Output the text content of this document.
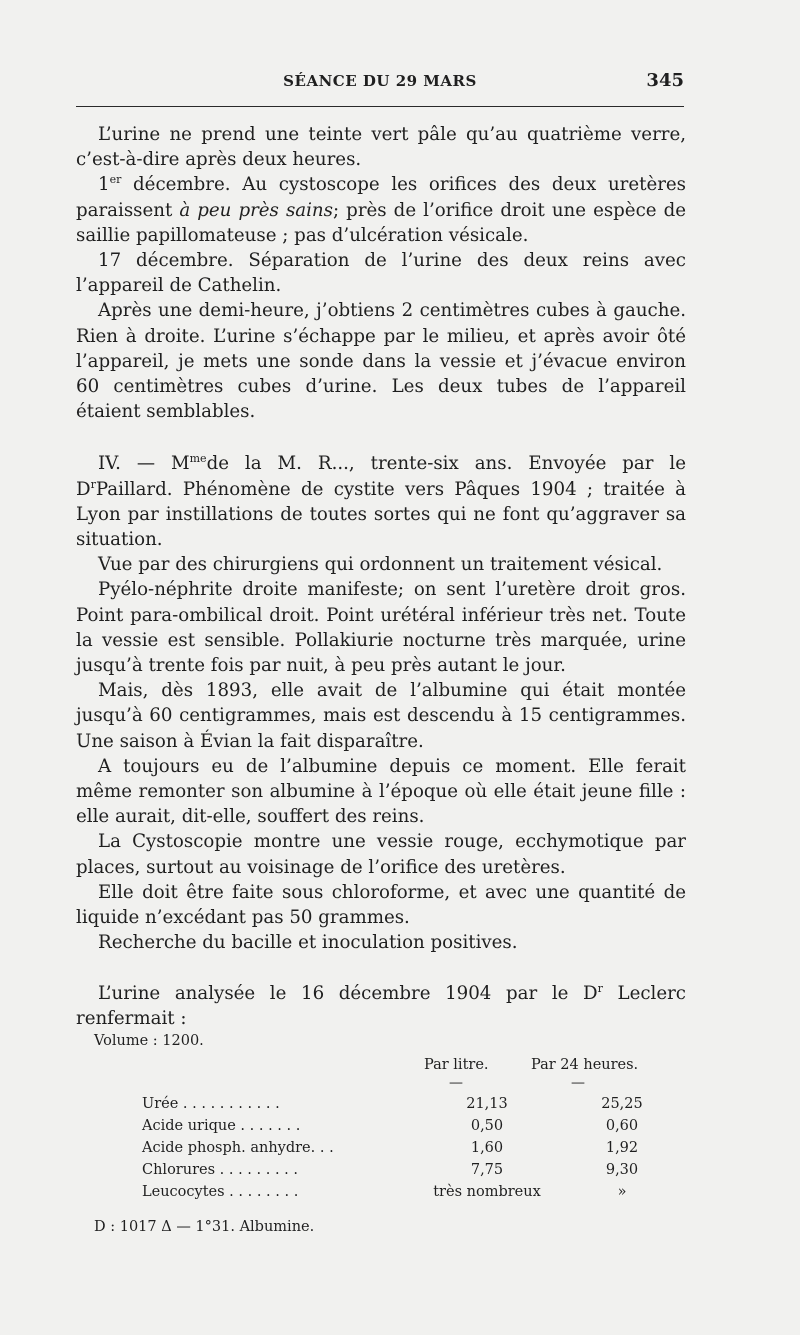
SÉANCE DU 29 MARS	345

L’urine ne prend une teinte vert pâle qu’au quatrième verre, c’est-à-dire après deux heures.

1er décembre. Au cystoscope les orifices des deux uretères paraissent à peu près sains; près de l’orifice droit une espèce de saillie papillomateuse ; pas d’ulcération vésicale.

17 décembre. Séparation de l’urine des deux reins avec l’appareil de Cathelin.

Après une demi-heure, j’obtiens 2 centimètres cubes à gauche. Rien à droite. L’urine s’échappe par le milieu, et après avoir ôté l’appareil, je mets une sonde dans la vessie et j’évacue environ 60 centimètres cubes d’urine. Les deux tubes de l’appareil étaient semblables.

IV. — $M^{me}de$ la M. R..., trente-six ans. Envoyée par le $D^rPaillard$. Phénomène de cystite vers Pâques 1904 ; traitée à Lyon par instillations de toutes sortes qui ne font qu’aggraver sa situation.

Vue par des chirurgiens qui ordonnent un traitement vésical.

Pyélo-néphrite droite manifeste; on sent l’uretère droit gros. Point para-ombilical droit. Point urétéral inférieur très net. Toute la vessie est sensible. Pollakiurie nocturne très marquée, urine jusqu’à trente fois par nuit, à peu près autant le jour.

Mais, dès 1893, elle avait de l’albumine qui était montée jusqu’à 60 centigrammes, mais est descendu à 15 centigrammes. Une saison à Évian la fait disparaître.

A toujours eu de l’albumine depuis ce moment. Elle ferait même remonter son albumine à l’époque où elle était jeune fille : elle aurait, dit-elle, souffert des reins.

La Cystoscopie montre une vessie rouge, ecchymotique par places, surtout au voisinage de l’orifice des uretères.

Elle doit être faite sous chloroforme, et avec une quantité de liquide n’excédant pas 50 grammes.

Recherche du bacille et inoculation positives.

L’urine analysée le 16 décembre 1904 par le $D^r$ Leclerc renfermait :

Volume : 1200.
Par litre.	Par 24 heures.
—	—
Urée . . . . . . . . . . .	21,13	25,25
Acide urique . . . . . . .	0,50	0,60
Acide phosph. anhydre. . .	1,60	1,92
Chlorures . . . . . . . . .	7,75	9,30
Leucocytes . . . . . . . .	très nombreux	»
D : 1017 Δ — 1°31. Albumine.
